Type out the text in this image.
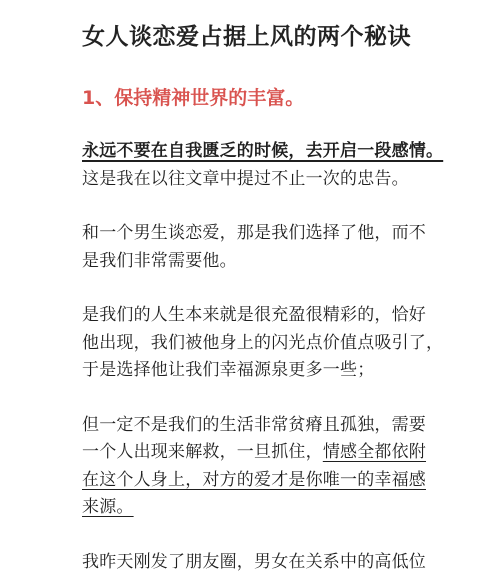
女人谈恋爱占据上风的两个秘诀
1、保持精神世界的丰富。

永远不要在自我匮乏的时候，去开启一段感情。
这是我在以往文章中提过不止一次的忠告。

和一个男生谈恋爱，那是我们选择了他，而不
是我们非常需要他。

是我们的人生本来就是很充盈很精彩的，恰好
他出现，我们被他身上的闪光点价值点吸引了，
于是选择他让我们幸福源泉更多一些；

但一定不是我们的生活非常贫瘠且孤独，需要
一个人出现来解救，一旦抓住，情感全都依附
在这个人身上，对方的爱才是你唯一的幸福感
来源。

我昨天刚发了朋友圈，男女在关系中的高低位
